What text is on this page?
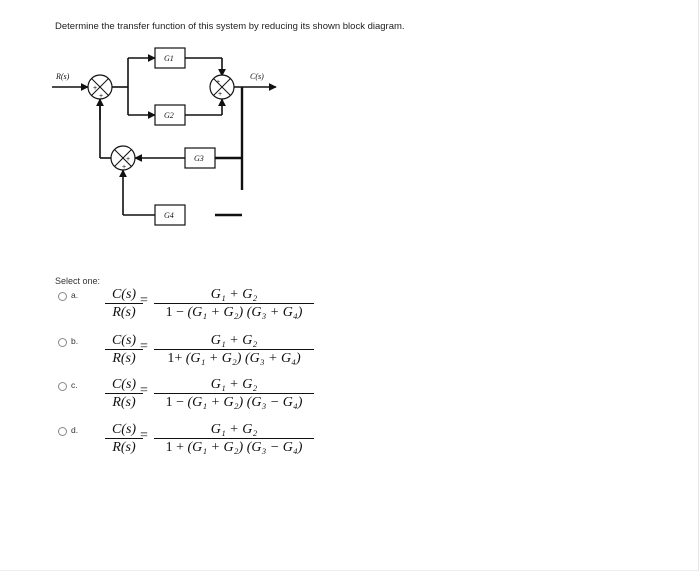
Determine the transfer function of this system by reducing its shown block diagram.
+
+
+
+
+
+
R(s)	C(s)
G1
G2
G3
G4
Select one:
a. $\frac{C(s)}{R(s)}$
= $\frac{\text{G₁ + G₂}}{\text{1 − (G₁ + G₂) (G₃ + G₄)}}$
b. $\frac{C(s)}{R(s)}$
= $\frac{\text{G₁ + G₂}}{\text{1+ (G₁ + G₂) (G₃ + G₄)}}$
c. $\frac{C(s)}{R(s)}$
= $\frac{\text{G₁ + G₂}}{\text{1 − (G₁ + G₂) (G₃ − G₄)}}$
d. $\frac{C(s)}{R(s)}$
= $\frac{\text{G₁ + G₂}}{\text{1 + (G₁ + G₂) (G₃ − G₄)}}$
